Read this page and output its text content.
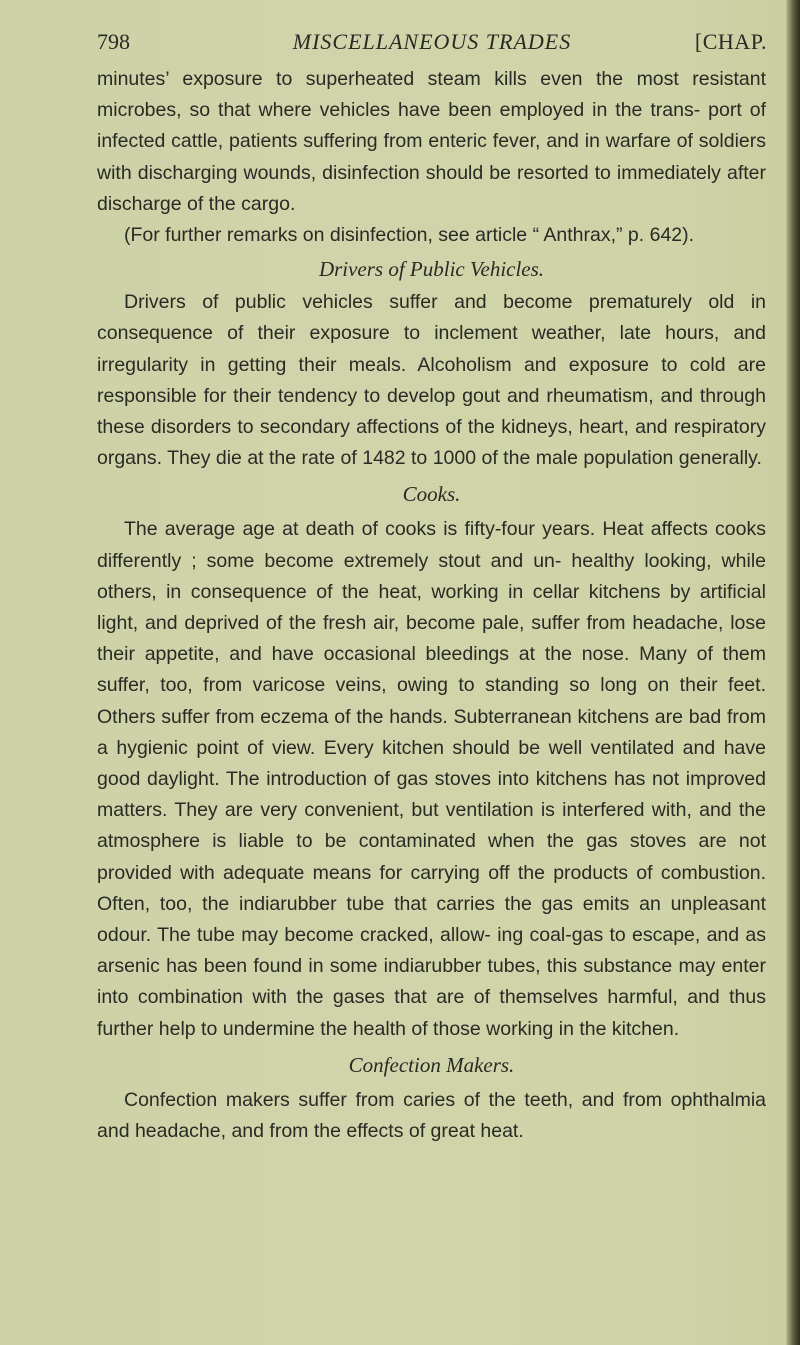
798	MISCELLANEOUS TRADES	[CHAP.

minutes’ exposure to superheated steam kills even the most resistant microbes, so that where vehicles have been employed in the trans- port of infected cattle, patients suffering from enteric fever, and in warfare of soldiers with discharging wounds, disinfection should be resorted to immediately after discharge of the cargo.

(For further remarks on disinfection, see article “ Anthrax,” p. 642).

Drivers of Public Vehicles.

Drivers of public vehicles suffer and become prematurely old in consequence of their exposure to inclement weather, late hours, and irregularity in getting their meals. Alcoholism and exposure to cold are responsible for their tendency to develop gout and rheumatism, and through these disorders to secondary affections of the kidneys, heart, and respiratory organs. They die at the rate of 1482 to 1000 of the male population generally.

Cooks.

The average age at death of cooks is fifty-four years. Heat affects cooks differently ; some become extremely stout and un- healthy looking, while others, in consequence of the heat, working in cellar kitchens by artificial light, and deprived of the fresh air, become pale, suffer from headache, lose their appetite, and have occasional bleedings at the nose. Many of them suffer, too, from varicose veins, owing to standing so long on their feet. Others suffer from eczema of the hands. Subterranean kitchens are bad from a hygienic point of view. Every kitchen should be well ventilated and have good daylight. The introduction of gas stoves into kitchens has not improved matters. They are very convenient, but ventilation is interfered with, and the atmosphere is liable to be contaminated when the gas stoves are not provided with adequate means for carrying off the products of combustion. Often, too, the indiarubber tube that carries the gas emits an unpleasant odour. The tube may become cracked, allow- ing coal-gas to escape, and as arsenic has been found in some indiarubber tubes, this substance may enter into combination with the gases that are of themselves harmful, and thus further help to undermine the health of those working in the kitchen.

Confection Makers.

Confection makers suffer from caries of the teeth, and from ophthalmia and headache, and from the effects of great heat.
